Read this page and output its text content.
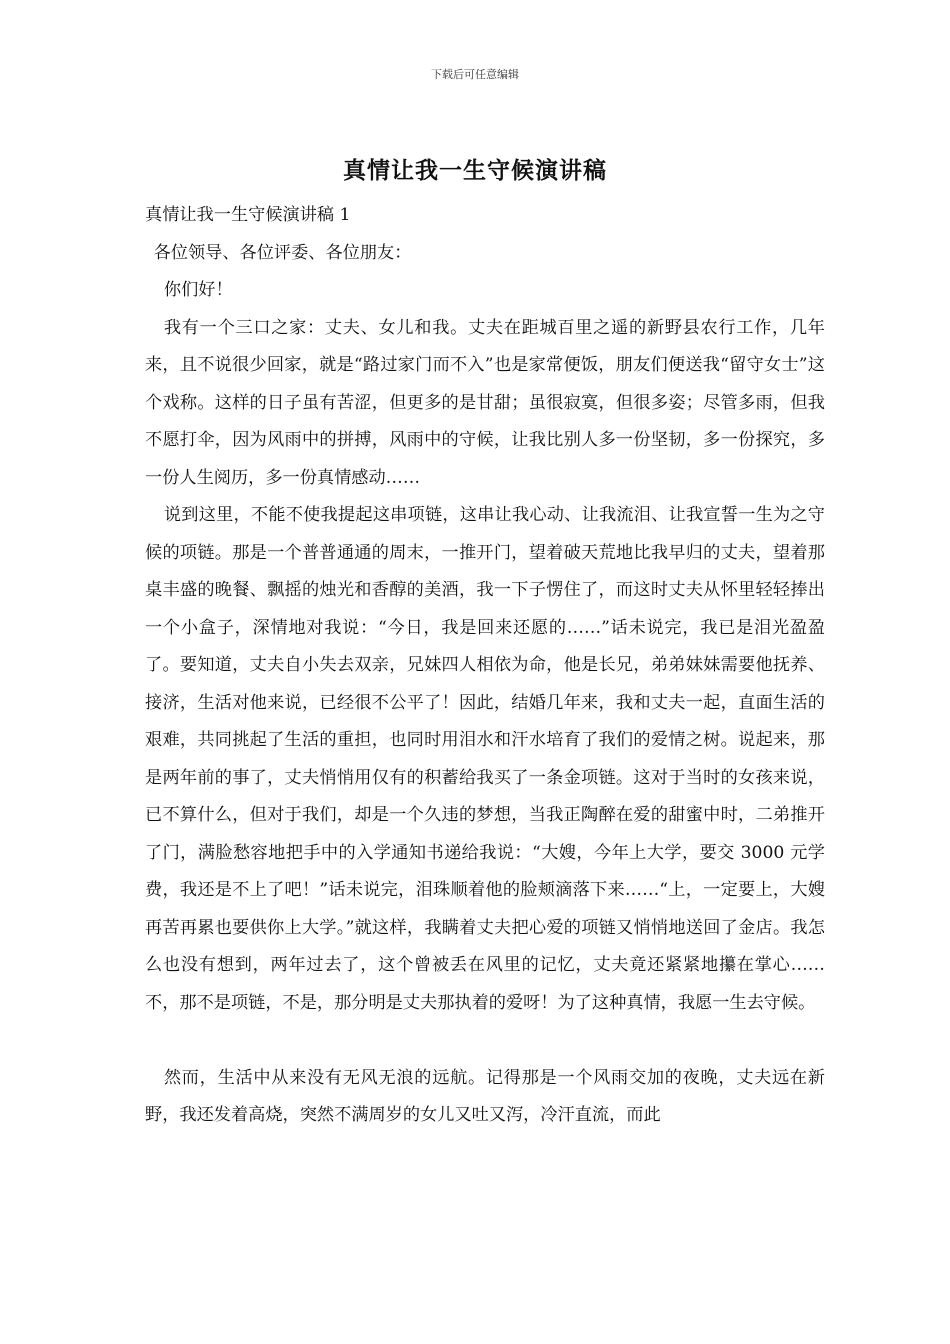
下载后可任意编辑
真情让我一生守候演讲稿

真情让我一生守候演讲稿 1

各位领导、各位评委、各位朋友：

你们好！

我有一个三口之家：丈夫、女儿和我。丈夫在距城百里之遥的新野县农行工作，几年来，且不说很少回家，就是“路过家门而不入”也是家常便饭，朋友们便送我“留守女士”这个戏称。这样的日子虽有苦涩，但更多的是甘甜；虽很寂寞，但很多姿；尽管多雨，但我不愿打伞，因为风雨中的拼搏，风雨中的守候，让我比别人多一份坚韧，多一份探究，多一份人生阅历，多一份真情感动……

说到这里，不能不使我提起这串项链，这串让我心动、让我流泪、让我宣誓一生为之守候的项链。那是一个普普通通的周末，一推开门，望着破天荒地比我早归的丈夫，望着那桌丰盛的晚餐、飘摇的烛光和香醇的美酒，我一下子愣住了，而这时丈夫从怀里轻轻捧出一个小盒子，深情地对我说：“今日，我是回来还愿的……”话未说完，我已是泪光盈盈了。要知道，丈夫自小失去双亲，兄妹四人相依为命，他是长兄，弟弟妹妹需要他抚养、接济，生活对他来说，已经很不公平了！因此，结婚几年来，我和丈夫一起，直面生活的艰难，共同挑起了生活的重担，也同时用泪水和汗水培育了我们的爱情之树。说起来，那是两年前的事了，丈夫悄悄用仅有的积蓄给我买了一条金项链。这对于当时的女孩来说，已不算什么，但对于我们，却是一个久违的梦想，当我正陶醉在爱的甜蜜中时，二弟推开了门，满脸愁容地把手中的入学通知书递给我说：“大嫂，今年上大学，要交 3000 元学费，我还是不上了吧！”话未说完，泪珠顺着他的脸颊滴落下来……“上，一定要上，大嫂再苦再累也要供你上大学。”就这样，我瞒着丈夫把心爱的项链又悄悄地送回了金店。我怎么也没有想到，两年过去了，这个曾被丢在风里的记忆，丈夫竟还紧紧地攥在掌心……不，那不是项链，不是，那分明是丈夫那执着的爱呀！为了这种真情，我愿一生去守候。

然而，生活中从来没有无风无浪的远航。记得那是一个风雨交加的夜晚，丈夫远在新野，我还发着高烧，突然不满周岁的女儿又吐又泻，冷汗直流，而此
